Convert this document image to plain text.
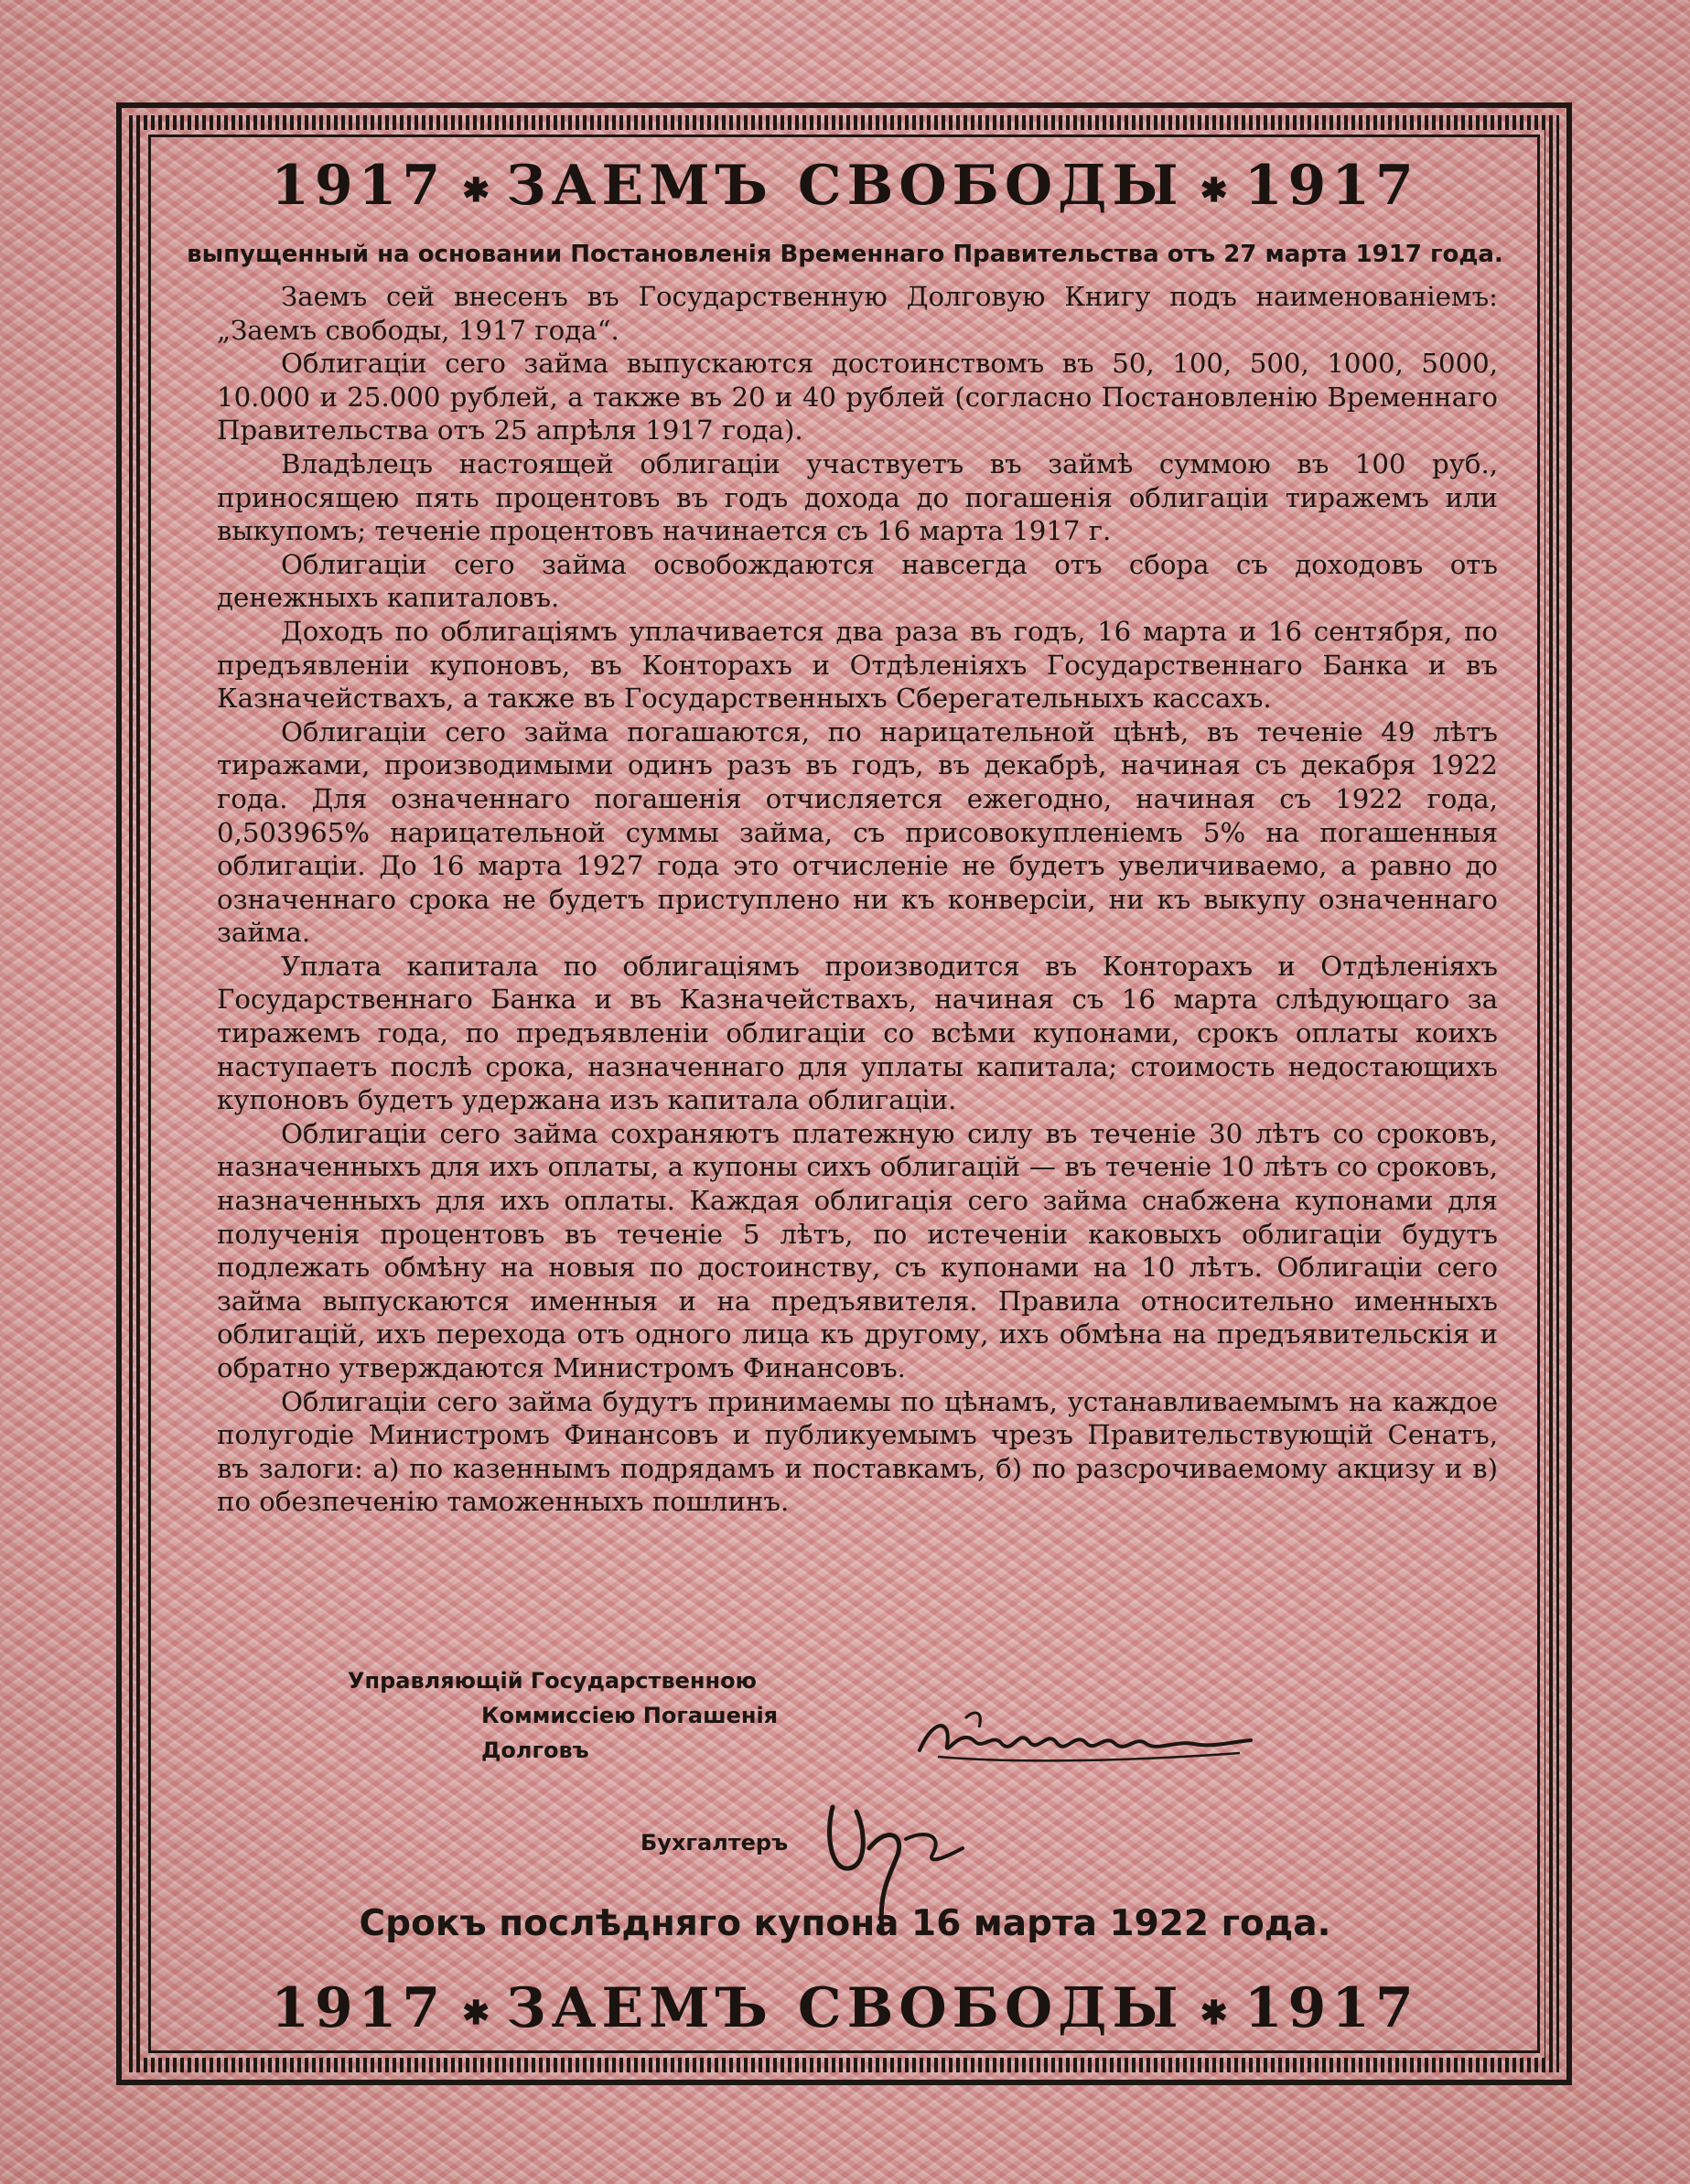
1917 ✱ ЗАЕМЪ СВОБОДЫ ✱ 1917
выпущенный на основании Постановленія Временнаго Правительства отъ 27 марта 1917 года.

Заемъ сей внесенъ въ Государственную Долговую Книгу подъ наименованіемъ: „Заемъ свободы, 1917 года“.

Облигаціи сего займа выпускаются достоинствомъ въ 50, 100, 500, 1000, 5000, 10.000 и 25.000 рублей, а также въ 20 и 40 рублей (согласно Постановленію Временнаго Правительства отъ 25 апрѣля 1917 года).

Владѣлецъ настоящей облигаціи участвуетъ въ займѣ суммою въ 100 руб., приносящею пять процентовъ въ годъ дохода до погашенія облигаціи тиражемъ или выкупомъ; теченіе процентовъ начинается съ 16 марта 1917 г.

Облигаціи сего займа освобождаются навсегда отъ сбора съ доходовъ отъ денежныхъ капиталовъ.

Доходъ по облигаціямъ уплачивается два раза въ годъ, 16 марта и 16 сентября, по предъявленіи купоновъ, въ Конторахъ и Отдѣленіяхъ Государственнаго Банка и въ Казначействахъ, а также въ Государственныхъ Сберегательныхъ кассахъ.

Облигаціи сего займа погашаются, по нарицательной цѣнѣ, въ теченіе 49 лѣтъ тиражами, производимыми одинъ разъ въ годъ, въ декабрѣ, начиная съ декабря 1922 года. Для означеннаго погашенія отчисляется ежегодно, начиная съ 1922 года, 0,503965% нарицательной суммы займа, съ присовокупленіемъ 5% на погашенныя облигаціи. До 16 марта 1927 года это отчисленіе не будетъ увеличиваемо, а равно до означеннаго срока не будетъ приступлено ни къ конверсіи, ни къ выкупу означеннаго займа.

Уплата капитала по облигаціямъ производится въ Конторахъ и Отдѣленіяхъ Государственнаго Банка и въ Казначействахъ, начиная съ 16 марта слѣдующаго за тиражемъ года, по предъявленіи облигаціи со всѣми купонами, срокъ оплаты коихъ наступаетъ послѣ срока, назначеннаго для уплаты капитала; стоимость недостающихъ купоновъ будетъ удержана изъ капитала облигаціи.

Облигаціи сего займа сохраняютъ платежную силу въ теченіе 30 лѣтъ со сроковъ, назначенныхъ для ихъ оплаты, а купоны сихъ облигацій — въ теченіе 10 лѣтъ со сроковъ, назначенныхъ для ихъ оплаты. Каждая облигація сего займа снабжена купонами для полученія процентовъ въ теченіе 5 лѣтъ, по истеченіи каковыхъ облигаціи будутъ подлежать обмѣну на новыя по достоинству, съ купонами на 10 лѣтъ. Облигаціи сего займа выпускаются именныя и на предъявителя. Правила относительно именныхъ облигацій, ихъ перехода отъ одного лица къ другому, ихъ обмѣна на предъявительскія и обратно утверждаются Министромъ Финансовъ.

Облигаціи сего займа будутъ принимаемы по цѣнамъ, устанавливаемымъ на каждое полугодіе Министромъ Финансовъ и публикуемымъ чрезъ Правительствующій Сенатъ, въ залоги: а) по казеннымъ подрядамъ и поставкамъ, б) по разсрочиваемому акцизу и в) по обезпеченію таможенныхъ пошлинъ.

Управляющій Государственною
Коммиссіею Погашенія Долговъ
Бухгалтеръ
Срокъ послѣдняго купона 16 марта 1922 года.
1917 ✱ ЗАЕМЪ СВОБОДЫ ✱ 1917
